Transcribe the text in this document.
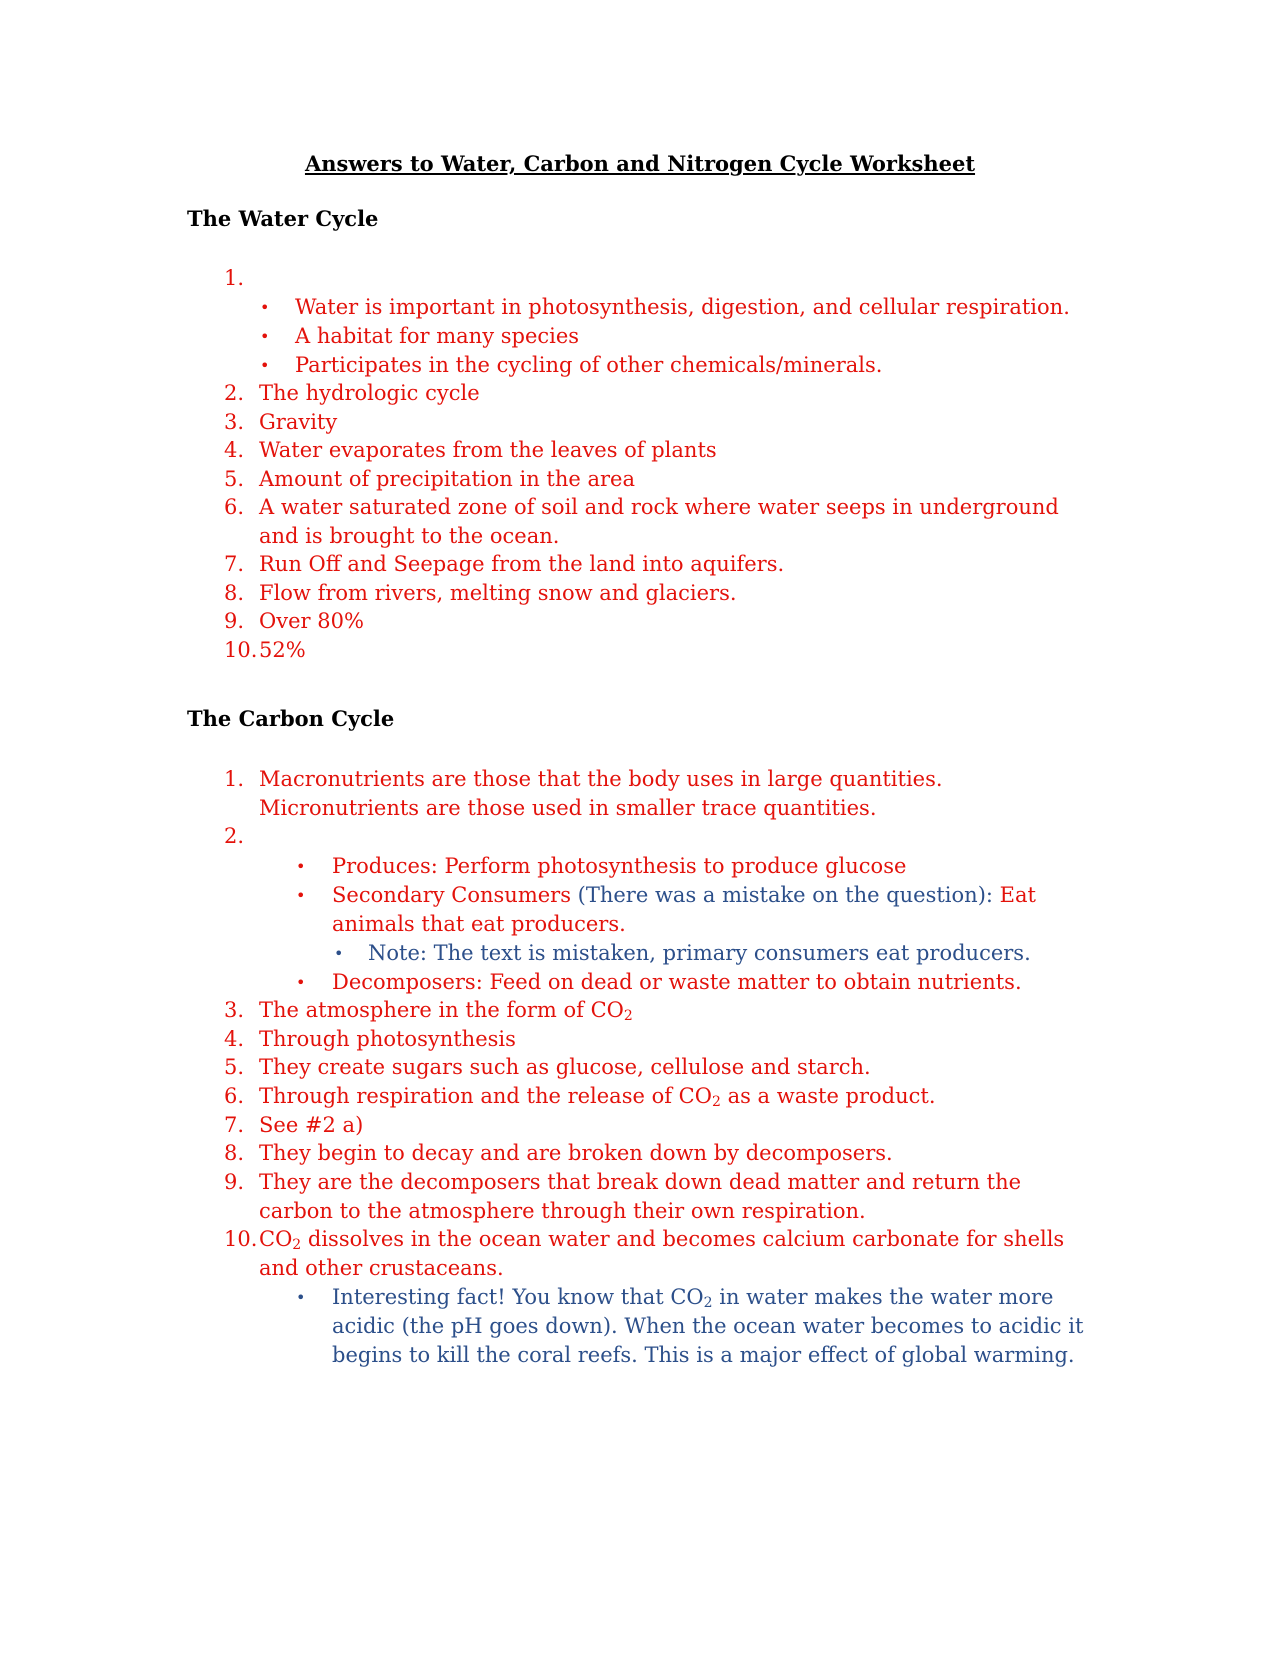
Answers to Water, Carbon and Nitrogen Cycle Worksheet
The Water Cycle
1.
• Water is important in photosynthesis, digestion, and cellular respiration.
• A habitat for many species
• Participates in the cycling of other chemicals/minerals.
2. The hydrologic cycle
3. Gravity
4. Water evaporates from the leaves of plants
5. Amount of precipitation in the area
6. A water saturated zone of soil and rock where water seeps in underground
and is brought to the ocean.
7. Run Off and Seepage from the land into aquifers.
8. Flow from rivers, melting snow and glaciers.
9. Over 80%
10. 52%
The Carbon Cycle
1. Macronutrients are those that the body uses in large quantities.
Micronutrients are those used in smaller trace quantities.
2.
• Produces: Perform photosynthesis to produce glucose
• Secondary Consumers (There was a mistake on the question): Eat
animals that eat producers.
• Note: The text is mistaken, primary consumers eat producers.
• Decomposers: Feed on dead or waste matter to obtain nutrients.
3. The atmosphere in the form of $CO_2$
4. Through photosynthesis
5. They create sugars such as glucose, cellulose and starch.
6. Through respiration and the release of $CO_2$ as a waste product.
7. See #2 a)
8. They begin to decay and are broken down by decomposers.
9. They are the decomposers that break down dead matter and return the
carbon to the atmosphere through their own respiration.
10. $CO_2$ dissolves in the ocean water and becomes calcium carbonate for shells
and other crustaceans.
• Interesting fact! You know that $CO_2$ in water makes the water more
acidic (the pH goes down). When the ocean water becomes to acidic it
begins to kill the coral reefs. This is a major effect of global warming.
